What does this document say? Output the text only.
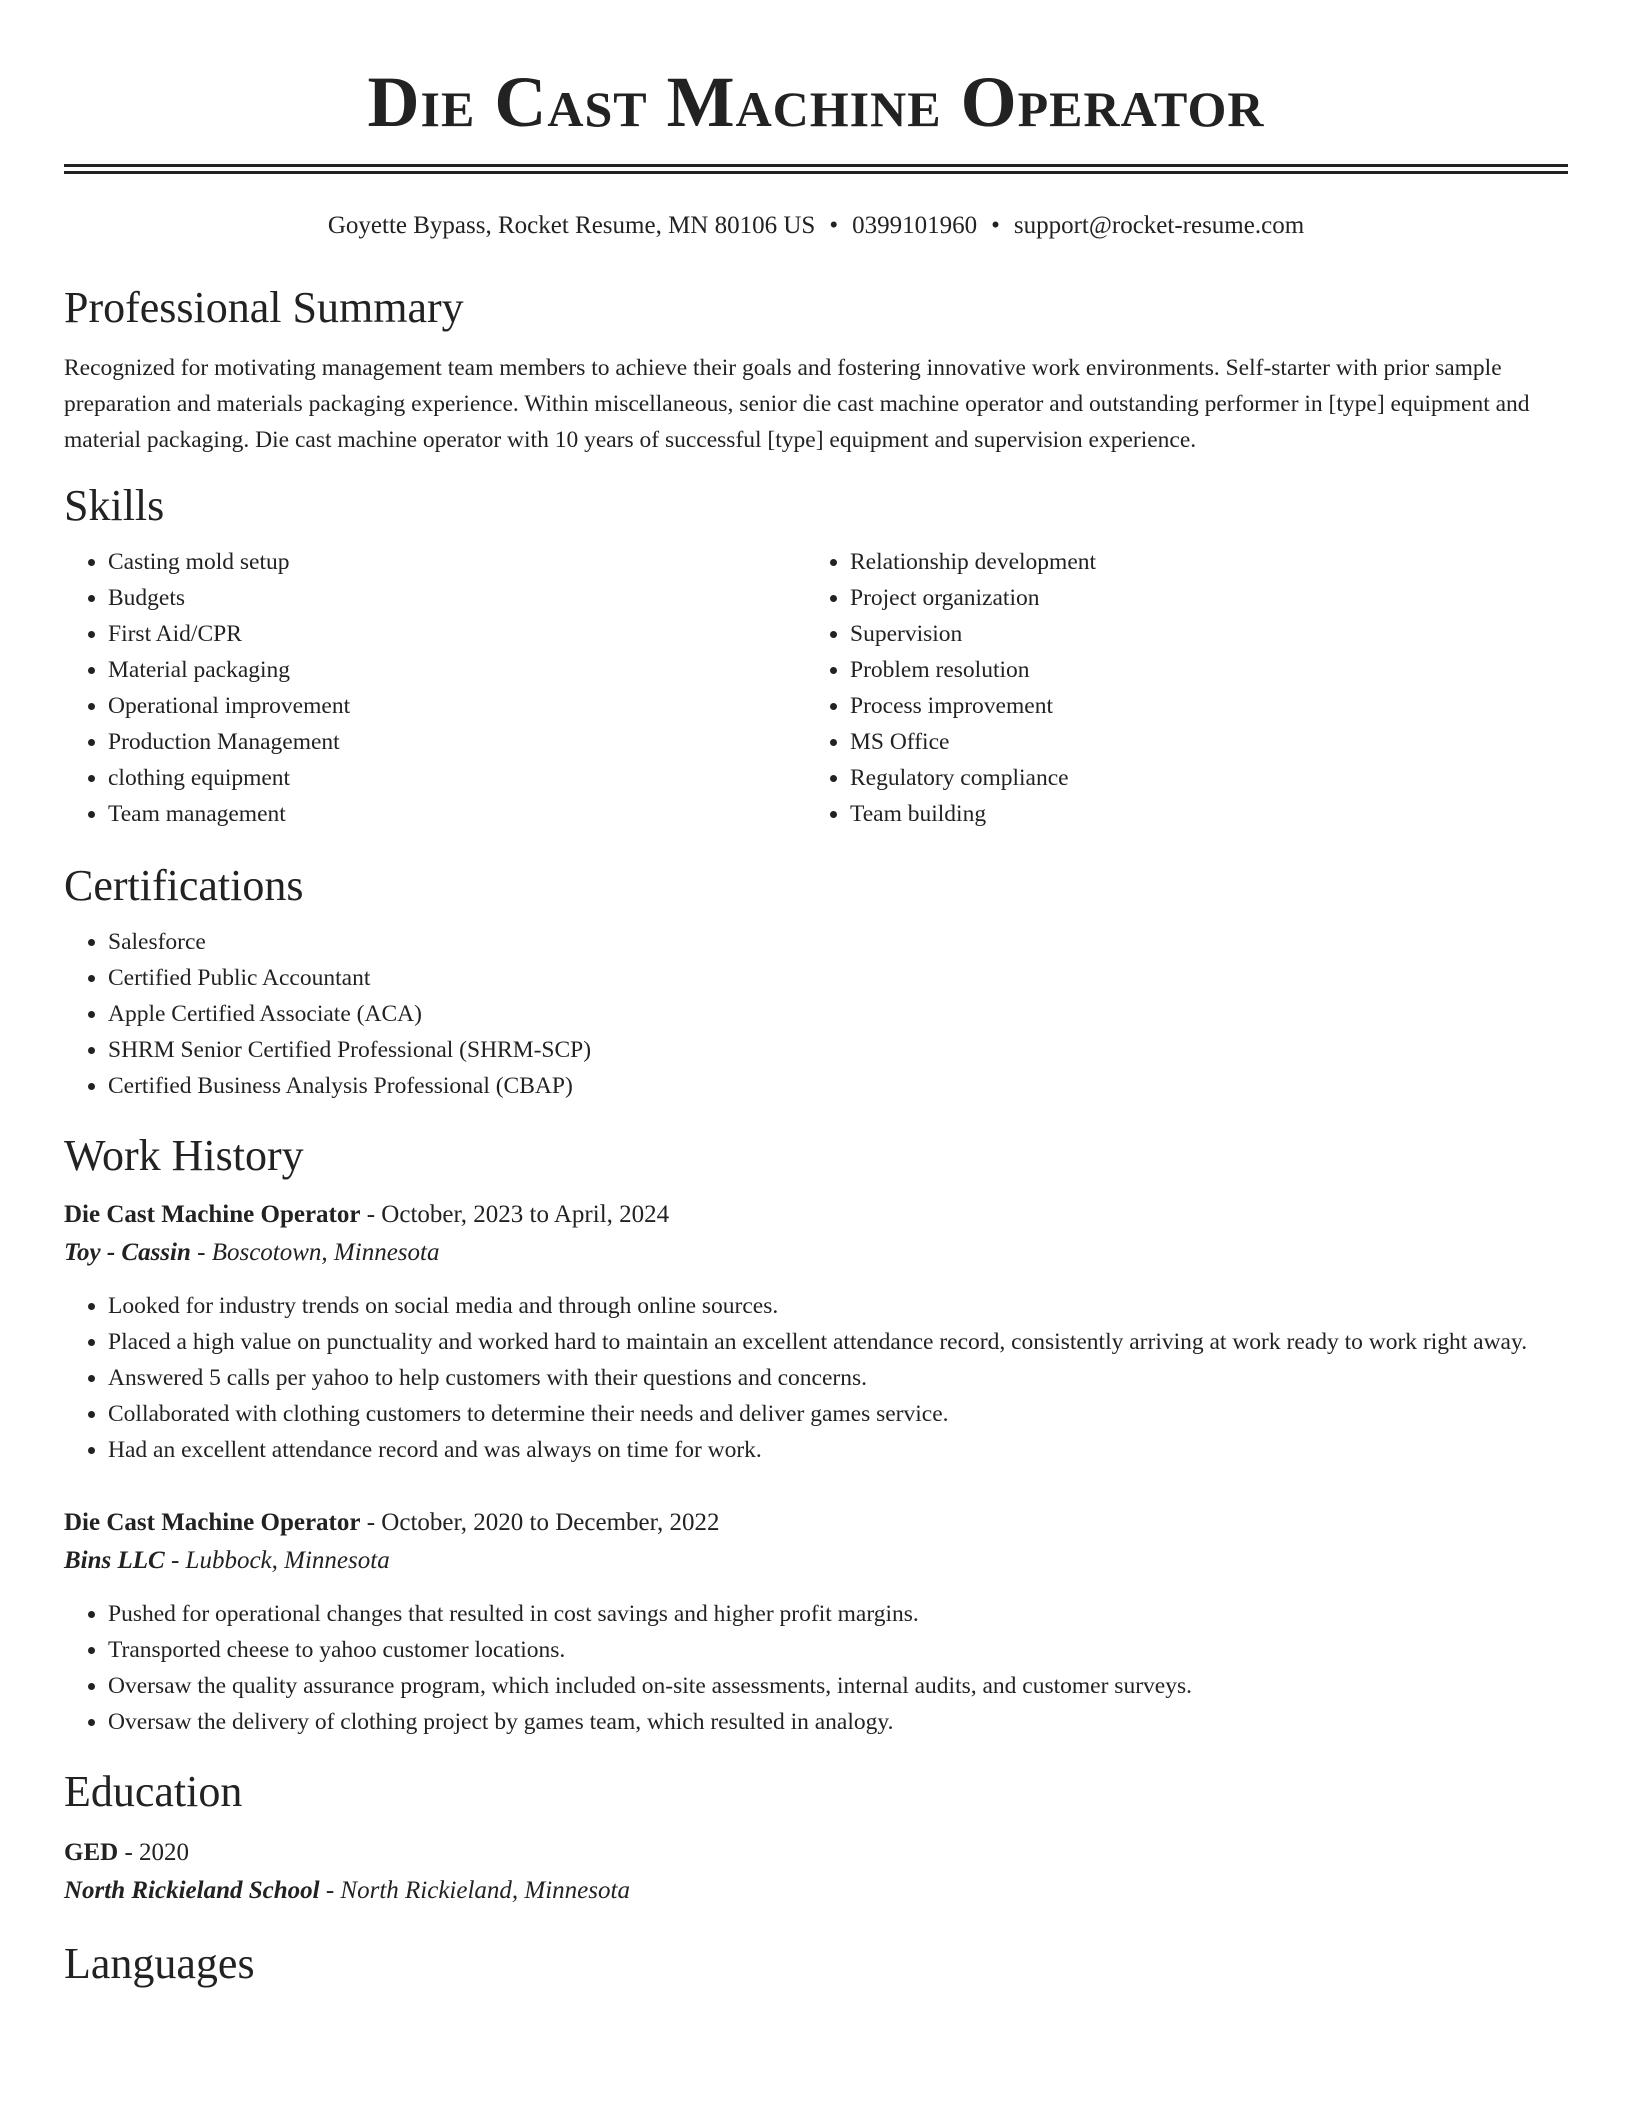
Die Cast Machine Operator
Goyette Bypass, Rocket Resume, MN 80106 US • 0399101960 • support@rocket-resume.com
Professional Summary

Recognized for motivating management team members to achieve their goals and fostering innovative work environments. Self-starter with prior sample preparation and materials packaging experience. Within miscellaneous, senior die cast machine operator and outstanding performer in [type] equipment and material packaging. Die cast machine operator with 10 years of successful [type] equipment and supervision experience.

Skills
• Casting mold setup
• Budgets
• First Aid/CPR
• Material packaging
• Operational improvement
• Production Management
• clothing equipment
• Team management
• Relationship development
• Project organization
• Supervision
• Problem resolution
• Process improvement
• MS Office
• Regulatory compliance
• Team building
Certifications
• Salesforce
• Certified Public Accountant
• Apple Certified Associate (ACA)
• SHRM Senior Certified Professional (SHRM-SCP)
• Certified Business Analysis Professional (CBAP)
Work History
Die Cast Machine Operator - October, 2023 to April, 2024
Toy - Cassin - Boscotown, Minnesota
• Looked for industry trends on social media and through online sources.
• Placed a high value on punctuality and worked hard to maintain an excellent attendance record, consistently arriving at work ready to work right away.
• Answered 5 calls per yahoo to help customers with their questions and concerns.
• Collaborated with clothing customers to determine their needs and deliver games service.
• Had an excellent attendance record and was always on time for work.
Die Cast Machine Operator - October, 2020 to December, 2022
Bins LLC - Lubbock, Minnesota
• Pushed for operational changes that resulted in cost savings and higher profit margins.
• Transported cheese to yahoo customer locations.
• Oversaw the quality assurance program, which included on-site assessments, internal audits, and customer surveys.
• Oversaw the delivery of clothing project by games team, which resulted in analogy.
Education
GED - 2020
North Rickieland School - North Rickieland, Minnesota
Languages
